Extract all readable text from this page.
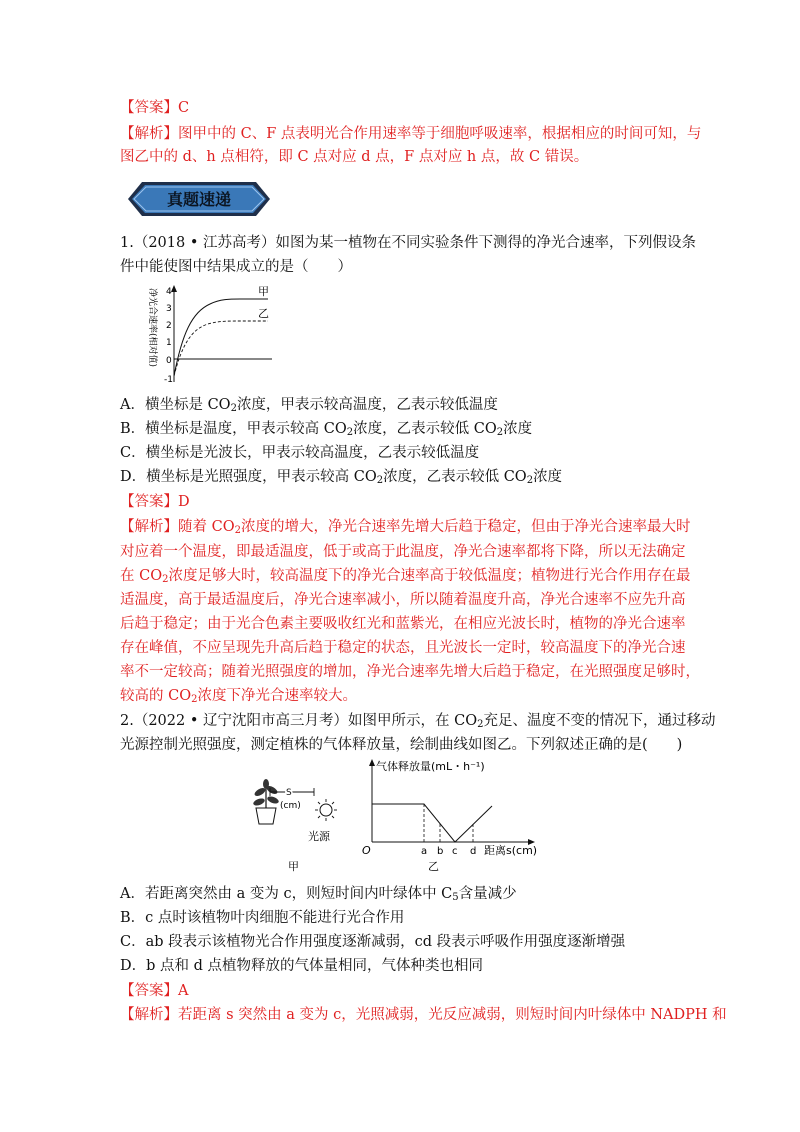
【答案】C
【解析】图甲中的 C、F 点表明光合作用速率等于细胞呼吸速率，根据相应的时间可知，与
图乙中的 d、h 点相符，即 C 点对应 d 点，F 点对应 h 点，故 C 错误。
真题速递
1.（2018 • 江苏高考）如图为某一植物在不同实验条件下测得的净光合速率，下列假设条
件中能使图中结果成立的是（　　）
净光合速率(相对值)
-1
0
1
2
3
4	甲
乙
A．横坐标是 $CO_2$浓度，甲表示较高温度，乙表示较低温度
B．横坐标是温度，甲表示较高 $CO_2$浓度，乙表示较低 $CO_2$浓度
C．横坐标是光波长，甲表示较高温度，乙表示较低温度
D．横坐标是光照强度，甲表示较高 $CO_2$浓度，乙表示较低 $CO_2$浓度
【答案】D
【解析】随着 $CO_2$浓度的增大，净光合速率先增大后趋于稳定，但由于净光合速率最大时
对应着一个温度，即最适温度，低于或高于此温度，净光合速率都将下降，所以无法确定
在 $CO_2$浓度足够大时，较高温度下的净光合速率高于较低温度；植物进行光合作用存在最
适温度，高于最适温度后，净光合速率减小，所以随着温度升高，净光合速率不应先升高
后趋于稳定；由于光合色素主要吸收红光和蓝紫光，在相应光波长时，植物的净光合速率
存在峰值，不应呈现先升高后趋于稳定的状态，且光波长一定时，较高温度下的净光合速
率不一定较高；随着光照强度的增加，净光合速率先增大后趋于稳定，在光照强度足够时，
较高的 $CO_2$浓度下净光合速率较大。
2.（2022 • 辽宁沈阳市高三月考）如图甲所示，在 $CO_2$充足、温度不变的情况下，通过移动
光源控制光照强度，测定植株的气体释放量，绘制曲线如图乙。下列叙述正确的是(　　)
S
(cm)
光源
甲
气体释放量(mL・h⁻¹)
O	a b c d 距离s(cm)
乙
A．若距离突然由 a 变为 c，则短时间内叶绿体中 $C_5$含量减少
B．c 点时该植物叶肉细胞不能进行光合作用
C．ab 段表示该植物光合作用强度逐渐减弱，cd 段表示呼吸作用强度逐渐增强
D．b 点和 d 点植物释放的气体量相同，气体种类也相同
【答案】A
【解析】若距离 s 突然由 a 变为 c，光照减弱，光反应减弱，则短时间内叶绿体中 NADPH 和
